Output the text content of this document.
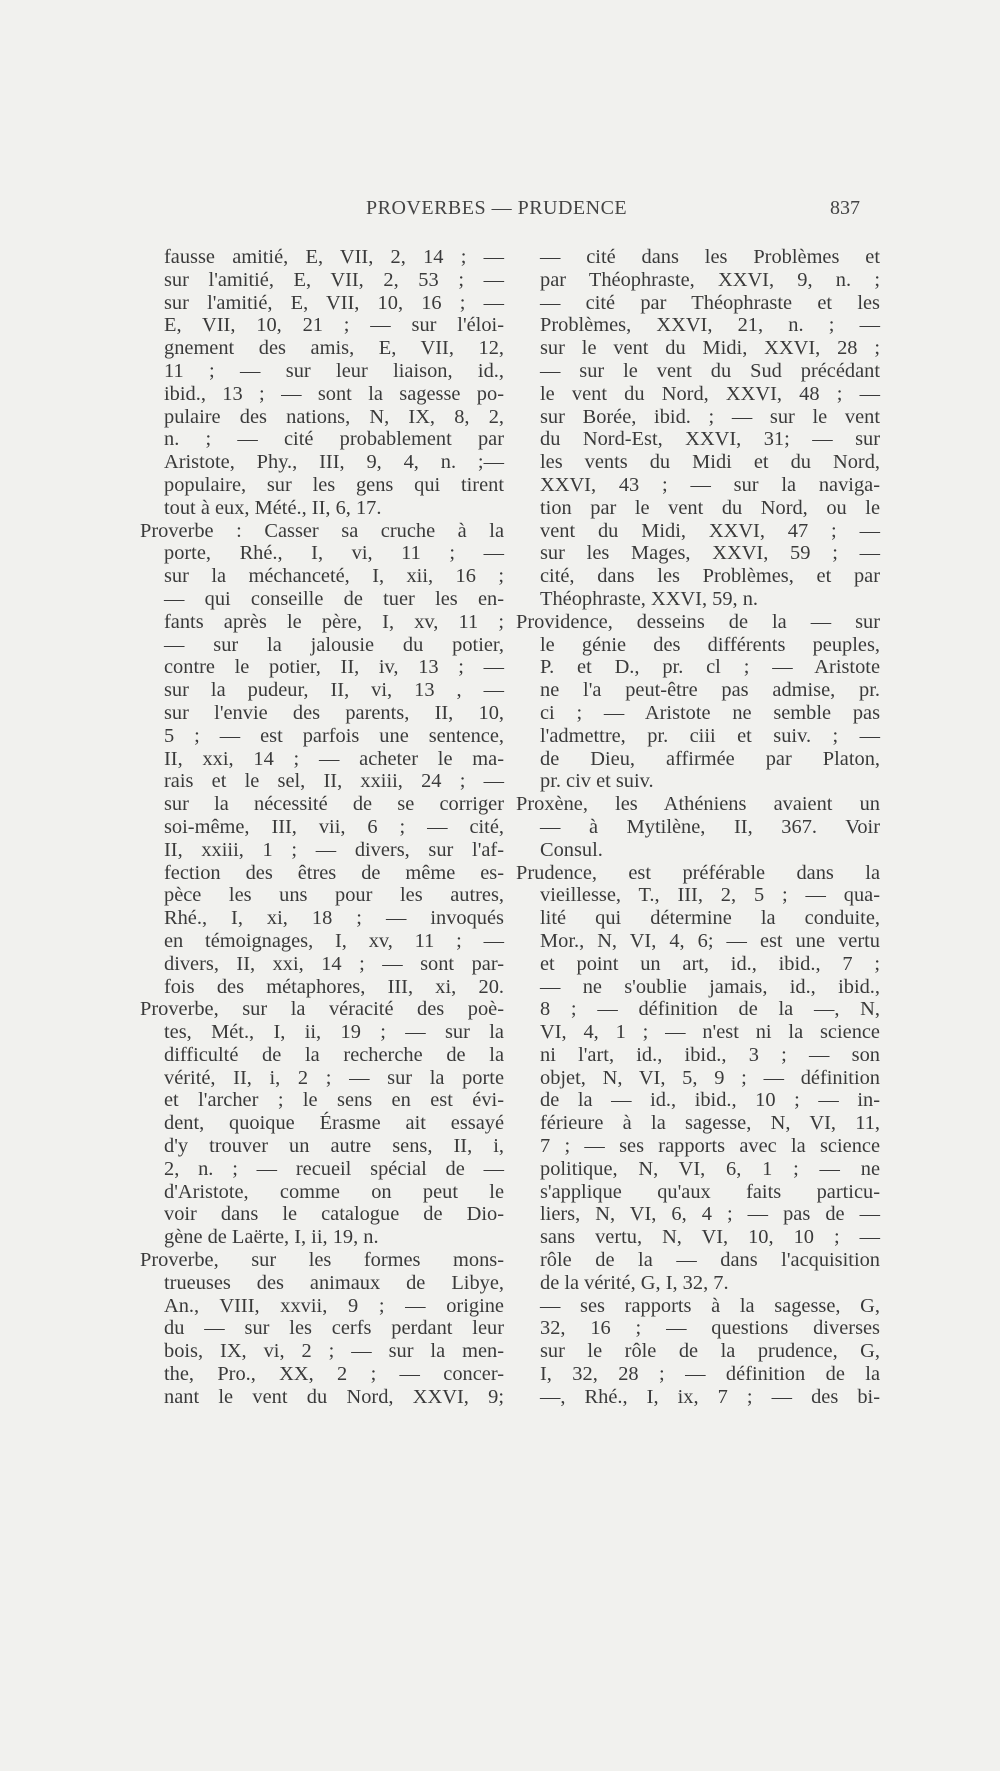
PROVERBES — PRUDENCE	837
fausse amitié, E, VII, 2, 14 ; —
sur l'amitié, E, VII, 2, 53 ; —
sur l'amitié, E, VII, 10, 16 ; —
E, VII, 10, 21 ; — sur l'éloi-
gnement des amis, E, VII, 12,
11 ; — sur leur liaison, id.,
ibid., 13 ; — sont la sagesse po-
pulaire des nations, N, IX, 8, 2,
n. ; — cité probablement par
Aristote, Phy., III, 9, 4, n. ;—
populaire, sur les gens qui tirent
tout à eux, Mété., II, 6, 17.
Proverbe : Casser sa cruche à la
porte, Rhé., I, vi, 11 ; —
sur la méchanceté, I, xii, 16 ;
— qui conseille de tuer les en-
fants après le père, I, xv, 11 ;
— sur la jalousie du potier,
contre le potier, II, iv, 13 ; —
sur la pudeur, II, vi, 13 , —
sur l'envie des parents, II, 10,
5 ; — est parfois une sentence,
II, xxi, 14 ; — acheter le ma-
rais et le sel, II, xxiii, 24 ; —
sur la nécessité de se corriger
soi-même, III, vii, 6 ; — cité,
II, xxiii, 1 ; — divers, sur l'af-
fection des êtres de même es-
pèce les uns pour les autres,
Rhé., I, xi, 18 ; — invoqués
en témoignages, I, xv, 11 ; —
divers, II, xxi, 14 ; — sont par-
fois des métaphores, III, xi, 20.
Proverbe, sur la véracité des poè-
tes, Mét., I, ii, 19 ; — sur la
difficulté de la recherche de la
vérité, II, i, 2 ; — sur la porte
et l'archer ; le sens en est évi-
dent, quoique Érasme ait essayé
d'y trouver un autre sens, II, i,
2, n. ; — recueil spécial de —
d'Aristote, comme on peut le
voir dans le catalogue de Dio-
gène de Laërte, I, ii, 19, n.
Proverbe, sur les formes mons-
trueuses des animaux de Libye,
An., VIII, xxvii, 9 ; — origine
du — sur les cerfs perdant leur
bois, IX, vi, 2 ; — sur la men-
the, Pro., XX, 2 ; — concer-
nant le vent du Nord, XXVI, 9;
— cité dans les Problèmes et
par Théophraste, XXVI, 9, n. ;
— cité par Théophraste et les
Problèmes, XXVI, 21, n. ; —
sur le vent du Midi, XXVI, 28 ;
— sur le vent du Sud précédant
le vent du Nord, XXVI, 48 ; —
sur Borée, ibid. ; — sur le vent
du Nord-Est, XXVI, 31; — sur
les vents du Midi et du Nord,
XXVI, 43 ; — sur la naviga-
tion par le vent du Nord, ou le
vent du Midi, XXVI, 47 ; —
sur les Mages, XXVI, 59 ; —
cité, dans les Problèmes, et par
Théophraste, XXVI, 59, n.
Providence, desseins de la — sur
le génie des différents peuples,
P. et D., pr. cl ; — Aristote
ne l'a peut-être pas admise, pr.
ci ; — Aristote ne semble pas
l'admettre, pr. ciii et suiv. ; —
de Dieu, affirmée par Platon,
pr. civ et suiv.
Proxène, les Athéniens avaient un
— à Mytilène, II, 367. Voir
Consul.
Prudence, est préférable dans la
vieillesse, T., III, 2, 5 ; — qua-
lité qui détermine la conduite,
Mor., N, VI, 4, 6; — est une vertu
et point un art, id., ibid., 7 ;
— ne s'oublie jamais, id., ibid.,
8 ; — définition de la —, N,
VI, 4, 1 ; — n'est ni la science
ni l'art, id., ibid., 3 ; — son
objet, N, VI, 5, 9 ; — définition
de la — id., ibid., 10 ; — in-
férieure à la sagesse, N, VI, 11,
7 ; — ses rapports avec la science
politique, N, VI, 6, 1 ; — ne
s'applique qu'aux faits particu-
liers, N, VI, 6, 4 ; — pas de —
sans vertu, N, VI, 10, 10 ; —
rôle de la — dans l'acquisition
de la vérité, G, I, 32, 7.
— ses rapports à la sagesse, G,
32, 16 ; — questions diverses
sur le rôle de la prudence, G,
I, 32, 28 ; — définition de la
—, Rhé., I, ix, 7 ; — des bi-
